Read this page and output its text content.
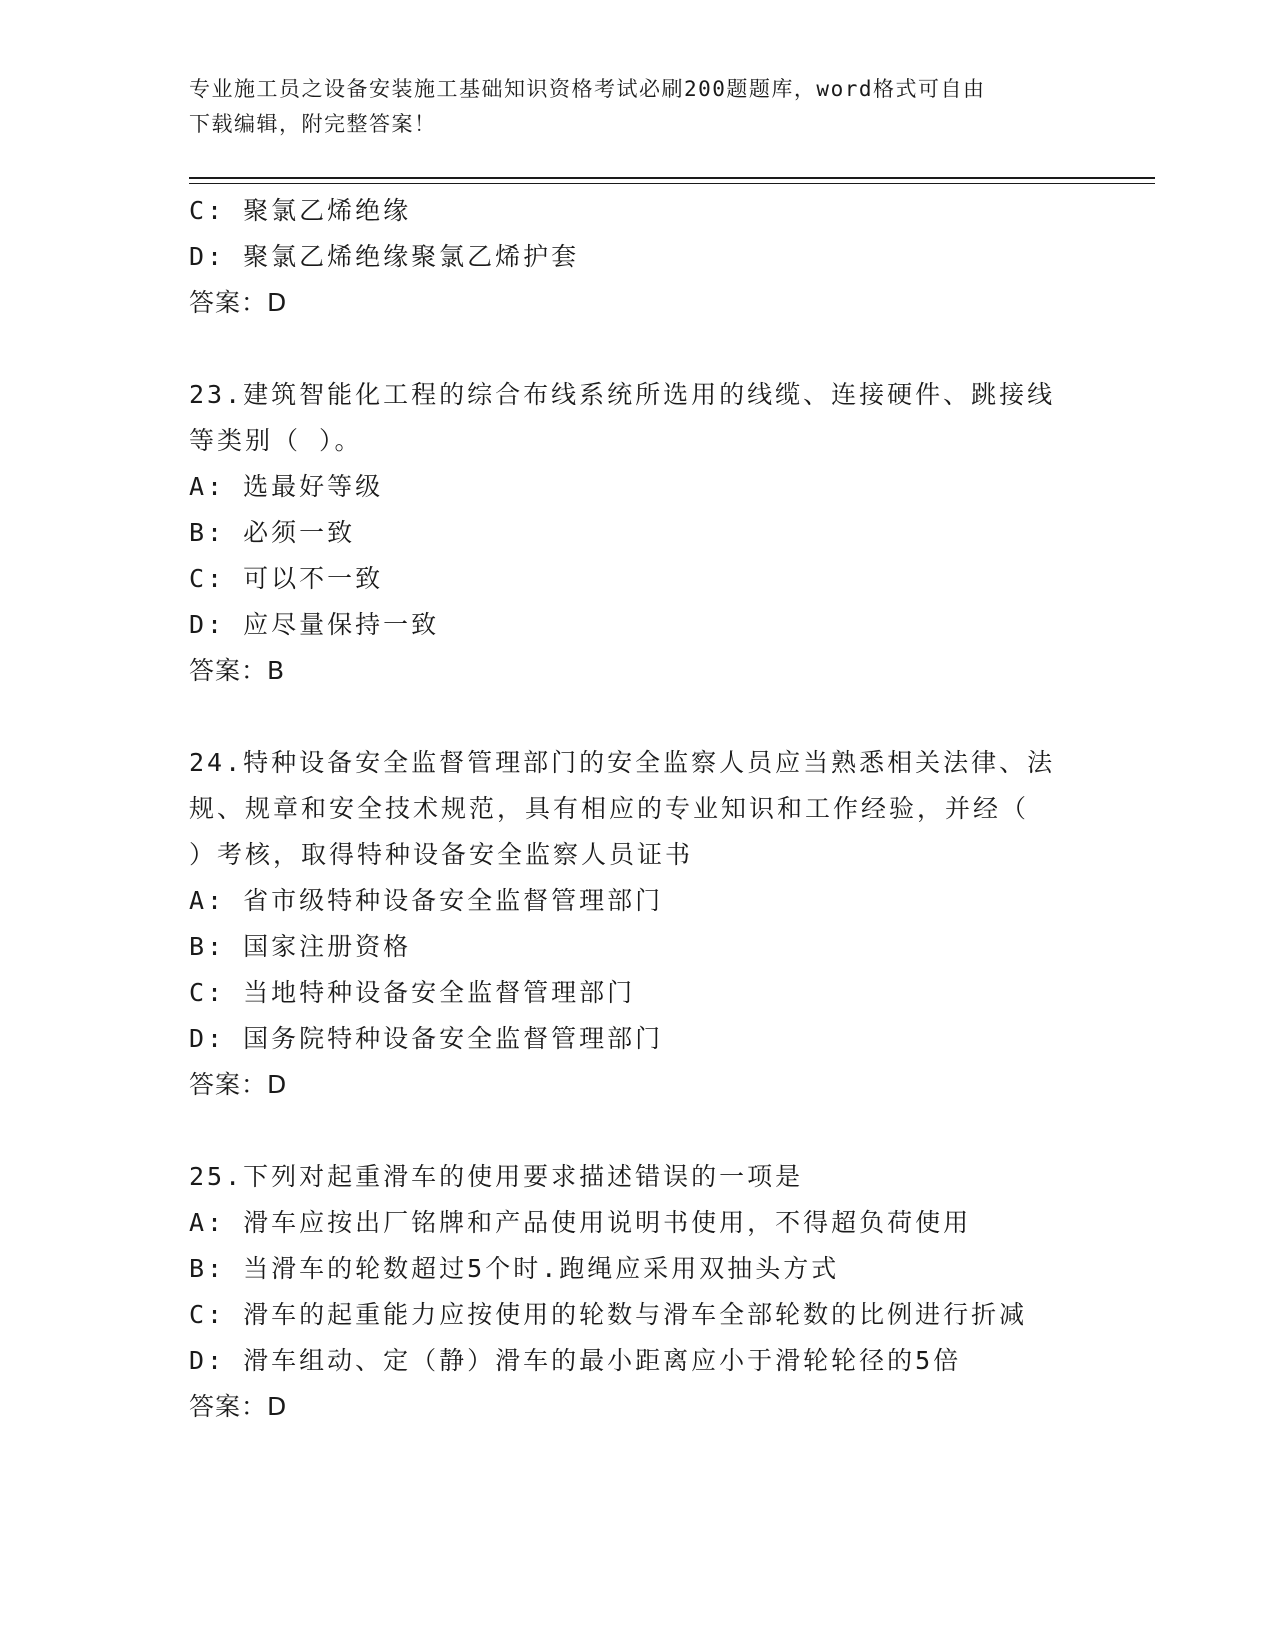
专业施工员之设备安装施工基础知识资格考试必刷200题题库，word格式可自由
下载编辑，附完整答案！
C: 聚氯乙烯绝缘
D: 聚氯乙烯绝缘聚氯乙烯护套
答案：D
23.建筑智能化工程的综合布线系统所选用的线缆、连接硬件、跳接线
等类别（ ）。
A: 选最好等级
B: 必须一致
C: 可以不一致
D: 应尽量保持一致
答案：B
24.特种设备安全监督管理部门的安全监察人员应当熟悉相关法律、法
规、规章和安全技术规范，具有相应的专业知识和工作经验，并经（
）考核，取得特种设备安全监察人员证书
A: 省市级特种设备安全监督管理部门
B: 国家注册资格
C: 当地特种设备安全监督管理部门
D: 国务院特种设备安全监督管理部门
答案：D
25.下列对起重滑车的使用要求描述错误的一项是
A: 滑车应按出厂铭牌和产品使用说明书使用，不得超负荷使用
B: 当滑车的轮数超过5个时.跑绳应采用双抽头方式
C: 滑车的起重能力应按使用的轮数与滑车全部轮数的比例进行折减
D: 滑车组动、定（静）滑车的最小距离应小于滑轮轮径的5倍
答案：D
